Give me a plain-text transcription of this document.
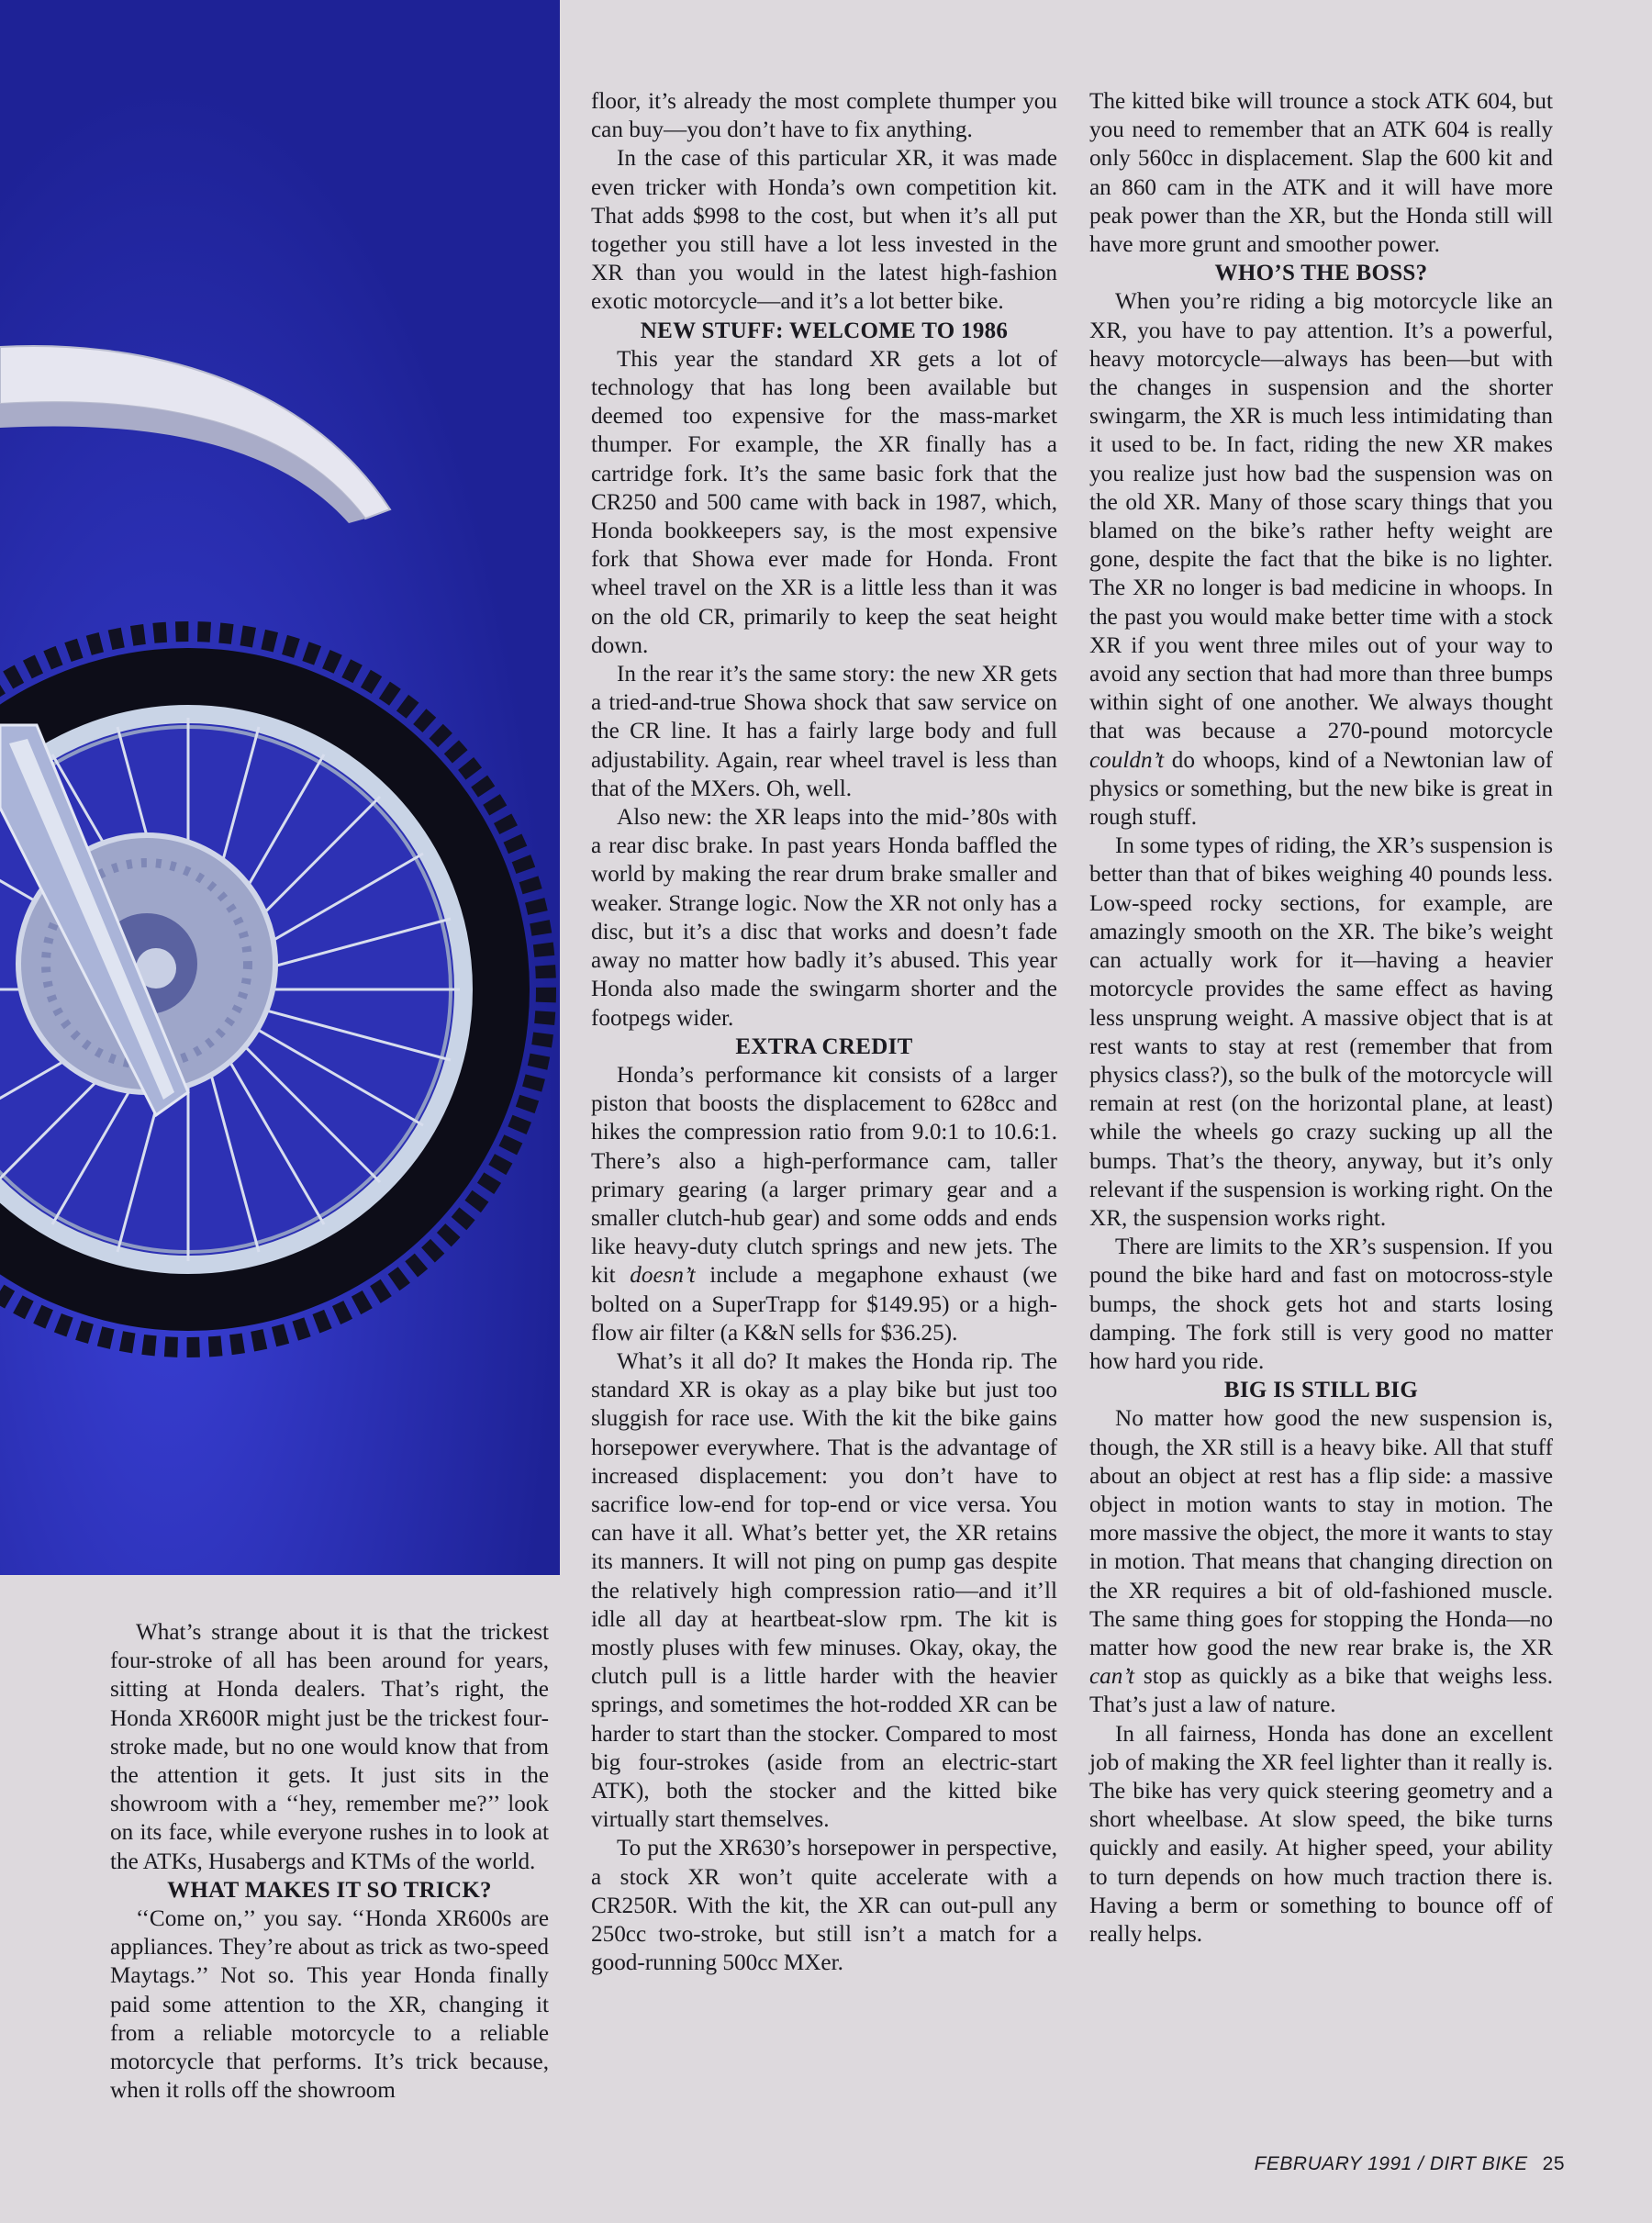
What’s strange about it is that the trickest four-stroke of all has been around for years, sitting at Honda dealers. That’s right, the Honda XR600R might just be the trickest four-stroke made, but no one would know that from the attention it gets. It just sits in the showroom with a ‘‘hey, remember me?’’ look on its face, while everyone rushes in to look at the ATKs, Husabergs and KTMs of the world.

WHAT MAKES IT SO TRICK?

‘‘Come on,’’ you say. ‘‘Honda XR600s are appliances. They’re about as trick as two-speed Maytags.’’ Not so. This year Honda finally paid some attention to the XR, changing it from a reliable motorcycle to a reliable motorcycle that performs. It’s trick because, when it rolls off the showroom

floor, it’s already the most complete thumper you can buy—you don’t have to fix anything.

In the case of this particular XR, it was made even tricker with Honda’s own competition kit. That adds $998 to the cost, but when it’s all put together you still have a lot less invested in the XR than you would in the latest high-fashion exotic motorcycle—and it’s a lot better bike.

NEW STUFF: WELCOME TO 1986

This year the standard XR gets a lot of technology that has long been available but deemed too expensive for the mass-market thumper. For example, the XR finally has a cartridge fork. It’s the same basic fork that the CR250 and 500 came with back in 1987, which, Honda bookkeepers say, is the most expensive fork that Showa ever made for Honda. Front wheel travel on the XR is a little less than it was on the old CR, primarily to keep the seat height down.

In the rear it’s the same story: the new XR gets a tried-and-true Showa shock that saw service on the CR line. It has a fairly large body and full adjustability. Again, rear wheel travel is less than that of the MXers. Oh, well.

Also new: the XR leaps into the mid-’80s with a rear disc brake. In past years Honda baffled the world by making the rear drum brake smaller and weaker. Strange logic. Now the XR not only has a disc, but it’s a disc that works and doesn’t fade away no matter how badly it’s abused. This year Honda also made the swingarm shorter and the footpegs wider.

EXTRA CREDIT

Honda’s performance kit consists of a larger piston that boosts the displacement to 628cc and hikes the compression ratio from 9.0:1 to 10.6:1. There’s also a high-performance cam, taller primary gearing (a larger primary gear and a smaller clutch-hub gear) and some odds and ends like heavy-duty clutch springs and new jets. The kit doesn’t include a megaphone exhaust (we bolted on a SuperTrapp for $149.95) or a high-flow air filter (a K&N sells for $36.25).

What’s it all do? It makes the Honda rip. The standard XR is okay as a play bike but just too sluggish for race use. With the kit the bike gains horsepower everywhere. That is the advantage of increased displacement: you don’t have to sacrifice low-end for top-end or vice versa. You can have it all. What’s better yet, the XR retains its manners. It will not ping on pump gas despite the relatively high compression ratio—and it’ll idle all day at heartbeat-slow rpm. The kit is mostly pluses with few minuses. Okay, okay, the clutch pull is a little harder with the heavier springs, and sometimes the hot-rodded XR can be harder to start than the stocker. Compared to most big four-strokes (aside from an electric-start ATK), both the stocker and the kitted bike virtually start themselves.

To put the XR630’s horsepower in perspective, a stock XR won’t quite accelerate with a CR250R. With the kit, the XR can out-pull any 250cc two-stroke, but still isn’t a match for a good-running 500cc MXer.

The kitted bike will trounce a stock ATK 604, but you need to remember that an ATK 604 is really only 560cc in displacement. Slap the 600 kit and an 860 cam in the ATK and it will have more peak power than the XR, but the Honda still will have more grunt and smoother power.

WHO’S THE BOSS?

When you’re riding a big motorcycle like an XR, you have to pay attention. It’s a powerful, heavy motorcycle—always has been—but with the changes in suspension and the shorter swingarm, the XR is much less intimidating than it used to be. In fact, riding the new XR makes you realize just how bad the suspension was on the old XR. Many of those scary things that you blamed on the bike’s rather hefty weight are gone, despite the fact that the bike is no lighter. The XR no longer is bad medicine in whoops. In the past you would make better time with a stock XR if you went three miles out of your way to avoid any section that had more than three bumps within sight of one another. We always thought that was because a 270-pound motorcycle couldn’t do whoops, kind of a Newtonian law of physics or something, but the new bike is great in rough stuff.

In some types of riding, the XR’s suspension is better than that of bikes weighing 40 pounds less. Low-speed rocky sections, for example, are amazingly smooth on the XR. The bike’s weight can actually work for it—having a heavier motorcycle provides the same effect as having less unsprung weight. A massive object that is at rest wants to stay at rest (remember that from physics class?), so the bulk of the motorcycle will remain at rest (on the horizontal plane, at least) while the wheels go crazy sucking up all the bumps. That’s the theory, anyway, but it’s only relevant if the suspension is working right. On the XR, the suspension works right.

There are limits to the XR’s suspension. If you pound the bike hard and fast on motocross-style bumps, the shock gets hot and starts losing damping. The fork still is very good no matter how hard you ride.

BIG IS STILL BIG

No matter how good the new suspension is, though, the XR still is a heavy bike. All that stuff about an object at rest has a flip side: a massive object in motion wants to stay in motion. The more massive the object, the more it wants to stay in motion. That means that changing direction on the XR requires a bit of old-fashioned muscle. The same thing goes for stopping the Honda—no matter how good the new rear brake is, the XR can’t stop as quickly as a bike that weighs less. That’s just a law of nature.

In all fairness, Honda has done an excellent job of making the XR feel lighter than it really is. The bike has very quick steering geometry and a short wheelbase. At slow speed, the bike turns quickly and easily. At higher speed, your ability to turn depends on how much traction there is. Having a berm or something to bounce off of really helps.

FEBRUARY 1991 / DIRT BIKE 25
